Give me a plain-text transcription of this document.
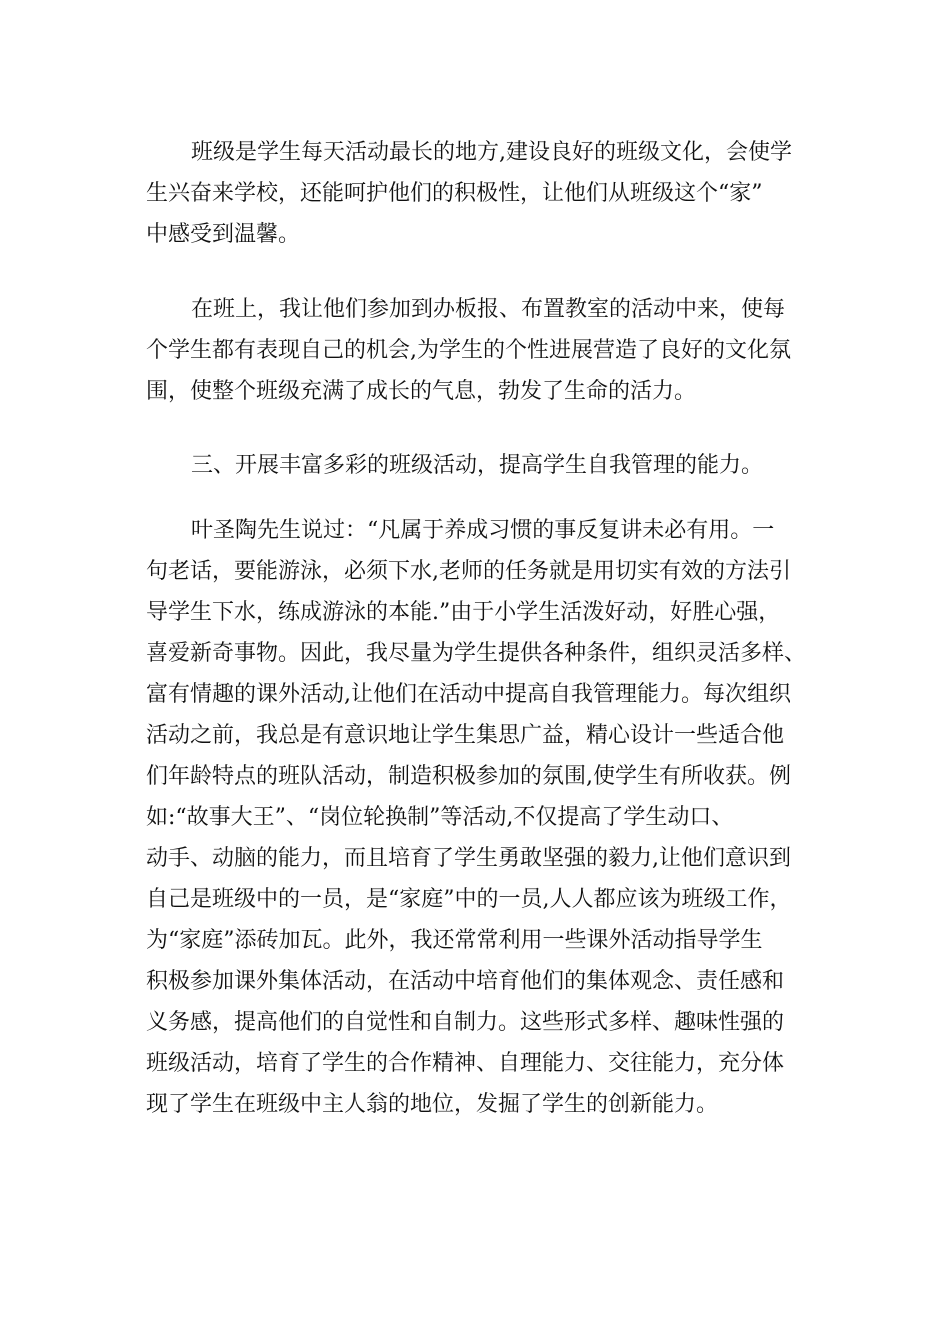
班级是学生每天活动最长的地方,建设良好的班级文化，会使学
生兴奋来学校，还能呵护他们的积极性，让他们从班级这个“家”
中感受到温馨。
在班上，我让他们参加到办板报、布置教室的活动中来，使每
个学生都有表现自己的机会,为学生的个性进展营造了良好的文化氛
围，使整个班级充满了成长的气息，勃发了生命的活力。
三、开展丰富多彩的班级活动，提高学生自我管理的能力。
叶圣陶先生说过：“凡属于养成习惯的事反复讲未必有用。一
句老话，要能游泳，必须下水,老师的任务就是用切实有效的方法引
导学生下水，练成游泳的本能.”由于小学生活泼好动，好胜心强，
喜爱新奇事物。因此，我尽量为学生提供各种条件，组织灵活多样、
富有情趣的课外活动,让他们在活动中提高自我管理能力。每次组织
活动之前，我总是有意识地让学生集思广益，精心设计一些适合他
们年龄特点的班队活动，制造积极参加的氛围,使学生有所收获。例
如:“故事大王”、“岗位轮换制”等活动,不仅提高了学生动口、
动手、动脑的能力，而且培育了学生勇敢坚强的毅力,让他们意识到
自己是班级中的一员，是“家庭”中的一员,人人都应该为班级工作，
为“家庭”添砖加瓦。此外，我还常常利用一些课外活动指导学生
积极参加课外集体活动，在活动中培育他们的集体观念、责任感和
义务感，提高他们的自觉性和自制力。这些形式多样、趣味性强的
班级活动，培育了学生的合作精神、自理能力、交往能力，充分体
现了学生在班级中主人翁的地位，发掘了学生的创新能力。
